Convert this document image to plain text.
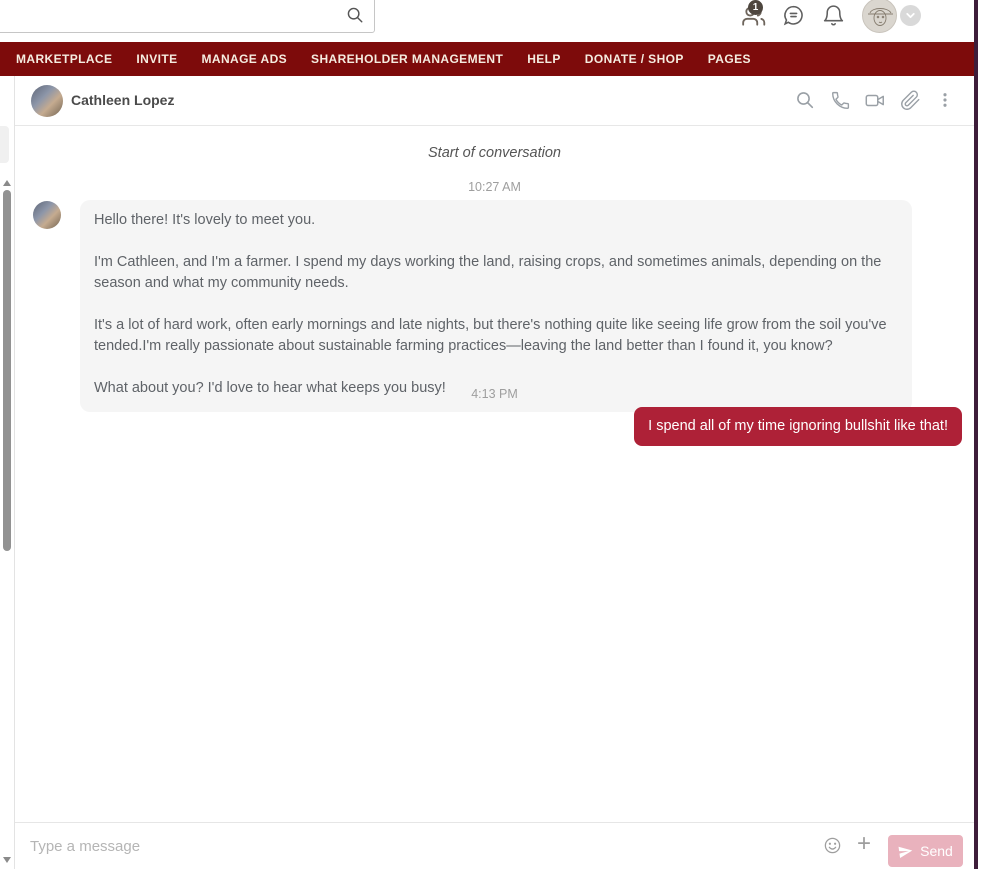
1
MARKETPLACE	INVITE	MANAGE ADS	SHAREHOLDER MANAGEMENT	HELP	DONATE / SHOP	PAGES
Cathleen Lopez
Start of conversation
10:27 AM

Hello there! It's lovely to meet you.

I'm Cathleen, and I'm a farmer. I spend my days working the land, raising crops, and sometimes animals, depending on the season and what my community needs.

It's a lot of hard work, often early mornings and late nights, but there's nothing quite like seeing life grow from the soil you've tended.I'm really passionate about sustainable farming practices—leaving the land better than I found it, you know?

What about you? I'd love to hear what keeps you busy!	4:13 PM
I spend all of my time ignoring bullshit like that!
Type a message
+	Send
